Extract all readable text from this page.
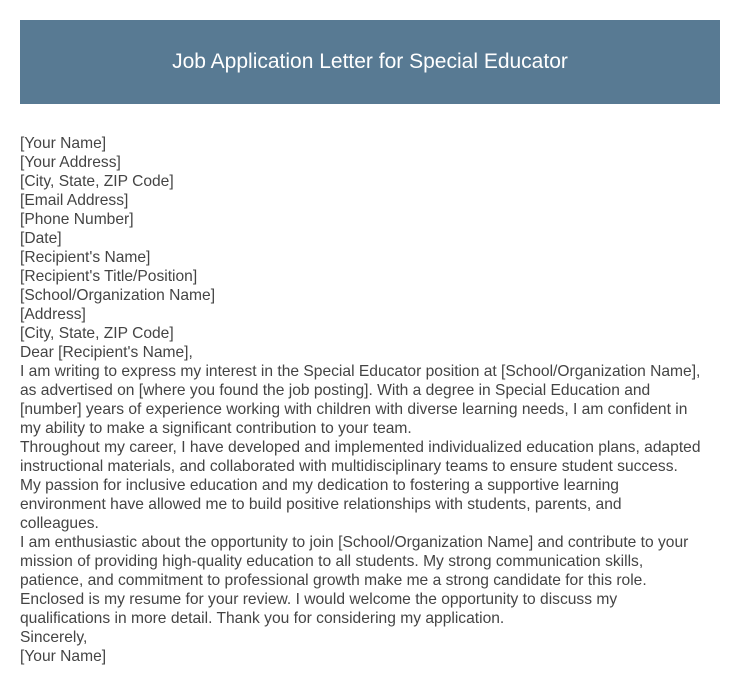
Job Application Letter for Special Educator
[Your Name]
[Your Address]
[City, State, ZIP Code]
[Email Address]
[Phone Number]
[Date]
[Recipient's Name]
[Recipient's Title/Position]
[School/Organization Name]
[Address]
[City, State, ZIP Code]
Dear [Recipient's Name],
I am writing to express my interest in the Special Educator position at [School/Organization Name],
as advertised on [where you found the job posting]. With a degree in Special Education and
[number] years of experience working with children with diverse learning needs, I am confident in
my ability to make a significant contribution to your team.
Throughout my career, I have developed and implemented individualized education plans, adapted
instructional materials, and collaborated with multidisciplinary teams to ensure student success.
My passion for inclusive education and my dedication to fostering a supportive learning
environment have allowed me to build positive relationships with students, parents, and
colleagues.
I am enthusiastic about the opportunity to join [School/Organization Name] and contribute to your
mission of providing high-quality education to all students. My strong communication skills,
patience, and commitment to professional growth make me a strong candidate for this role.
Enclosed is my resume for your review. I would welcome the opportunity to discuss my
qualifications in more detail. Thank you for considering my application.
Sincerely,
[Your Name]
